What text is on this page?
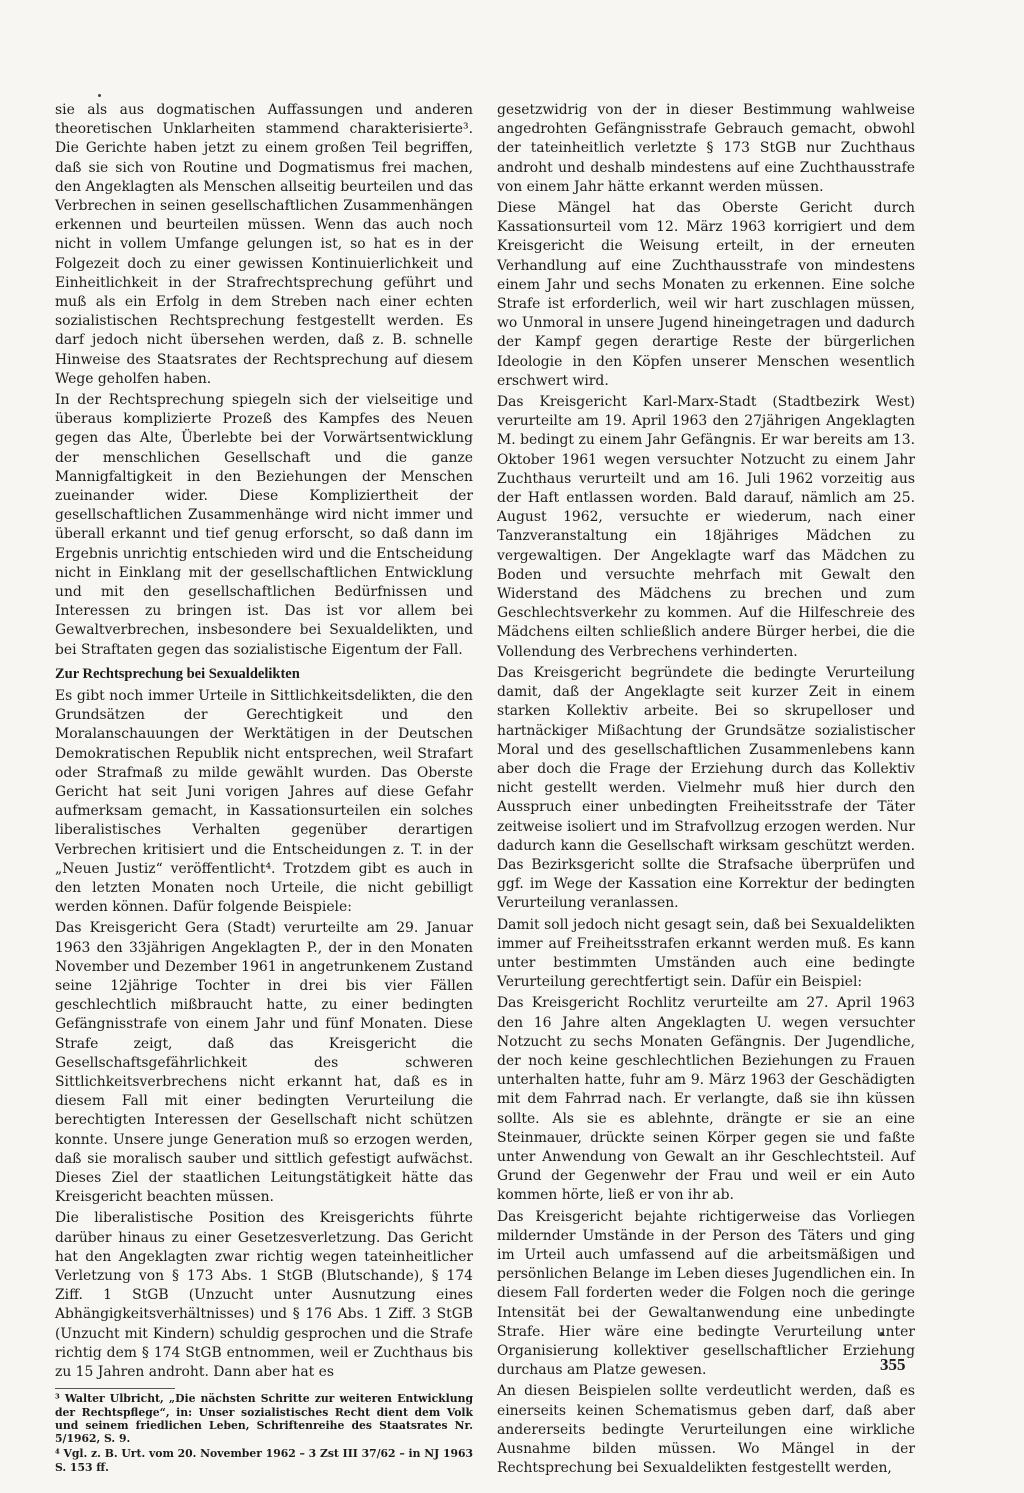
sie als aus dogmatischen Auffassungen und anderen theoretischen Unklarheiten stammend charakterisierte³. Die Gerichte haben jetzt zu einem großen Teil begriffen, daß sie sich von Routine und Dogmatismus frei machen, den Angeklagten als Menschen allseitig beurteilen und das Verbrechen in seinen gesellschaftlichen Zusammenhängen erkennen und beurteilen müssen. Wenn das auch noch nicht in vollem Umfange gelungen ist, so hat es in der Folgezeit doch zu einer gewissen Kontinuierlichkeit und Einheitlichkeit in der Strafrechtsprechung geführt und muß als ein Erfolg in dem Streben nach einer echten sozialistischen Rechtsprechung festgestellt werden. Es darf jedoch nicht übersehen werden, daß z. B. schnelle Hinweise des Staatsrates der Rechtsprechung auf diesem Wege geholfen haben.

In der Rechtsprechung spiegeln sich der vielseitige und überaus komplizierte Prozeß des Kampfes des Neuen gegen das Alte, Überlebte bei der Vorwärtsentwicklung der menschlichen Gesellschaft und die ganze Mannigfaltigkeit in den Beziehungen der Menschen zueinander wider. Diese Kompliziertheit der gesellschaftlichen Zusammenhänge wird nicht immer und überall erkannt und tief genug erforscht, so daß dann im Ergebnis unrichtig entschieden wird und die Entscheidung nicht in Einklang mit der gesellschaftlichen Entwicklung und mit den gesellschaftlichen Bedürfnissen und Interessen zu bringen ist. Das ist vor allem bei Gewaltverbrechen, insbesondere bei Sexualdelikten, und bei Straftaten gegen das sozialistische Eigentum der Fall.

Zur Rechtsprechung bei Sexualdelikten

Es gibt noch immer Urteile in Sittlichkeitsdelikten, die den Grundsätzen der Gerechtigkeit und den Moralanschauungen der Werktätigen in der Deutschen Demokratischen Republik nicht entsprechen, weil Strafart oder Strafmaß zu milde gewählt wurden. Das Oberste Gericht hat seit Juni vorigen Jahres auf diese Gefahr aufmerksam gemacht, in Kassationsurteilen ein solches liberalistisches Verhalten gegenüber derartigen Verbrechen kritisiert und die Entscheidungen z. T. in der „Neuen Justiz“ veröffentlicht⁴. Trotzdem gibt es auch in den letzten Monaten noch Urteile, die nicht gebilligt werden können. Dafür folgende Beispiele:

Das Kreisgericht Gera (Stadt) verurteilte am 29. Januar 1963 den 33jährigen Angeklagten P., der in den Monaten November und Dezember 1961 in angetrunkenem Zustand seine 12jährige Tochter in drei bis vier Fällen geschlechtlich mißbraucht hatte, zu einer bedingten Gefängnisstrafe von einem Jahr und fünf Monaten. Diese Strafe zeigt, daß das Kreisgericht die Gesellschaftsgefährlichkeit des schweren Sittlichkeitsverbrechens nicht erkannt hat, daß es in diesem Fall mit einer bedingten Verurteilung die berechtigten Interessen der Gesellschaft nicht schützen konnte. Unsere junge Generation muß so erzogen werden, daß sie moralisch sauber und sittlich gefestigt aufwächst. Dieses Ziel der staatlichen Leitungstätigkeit hätte das Kreisgericht beachten müssen.

Die liberalistische Position des Kreisgerichts führte darüber hinaus zu einer Gesetzesverletzung. Das Gericht hat den Angeklagten zwar richtig wegen tateinheitlicher Verletzung von § 173 Abs. 1 StGB (Blutschande), § 174 Ziff. 1 StGB (Unzucht unter Ausnutzung eines Abhängigkeitsverhältnisses) und § 176 Abs. 1 Ziff. 3 StGB (Unzucht mit Kindern) schuldig gesprochen und die Strafe richtig dem § 174 StGB entnommen, weil er Zuchthaus bis zu 15 Jahren androht. Dann aber hat es

³ Walter Ulbricht, „Die nächsten Schritte zur weiteren Entwicklung der Rechtspflege“, in: Unser sozialistisches Recht dient dem Volk und seinem friedlichen Leben, Schriftenreihe des Staatsrates Nr. 5/1962, S. 9.

⁴ Vgl. z. B. Urt. vom 20. November 1962 – 3 Zst III 37/62 – in NJ 1963 S. 153 ff.

gesetzwidrig von der in dieser Bestimmung wahlweise angedrohten Gefängnisstrafe Gebrauch gemacht, obwohl der tateinheitlich verletzte § 173 StGB nur Zuchthaus androht und deshalb mindestens auf eine Zuchthausstrafe von einem Jahr hätte erkannt werden müssen.

Diese Mängel hat das Oberste Gericht durch Kassationsurteil vom 12. März 1963 korrigiert und dem Kreisgericht die Weisung erteilt, in der erneuten Verhandlung auf eine Zuchthausstrafe von mindestens einem Jahr und sechs Monaten zu erkennen. Eine solche Strafe ist erforderlich, weil wir hart zuschlagen müssen, wo Unmoral in unsere Jugend hineingetragen und dadurch der Kampf gegen derartige Reste der bürgerlichen Ideologie in den Köpfen unserer Menschen wesentlich erschwert wird.

Das Kreisgericht Karl-Marx-Stadt (Stadtbezirk West) verurteilte am 19. April 1963 den 27jährigen Angeklagten M. bedingt zu einem Jahr Gefängnis. Er war bereits am 13. Oktober 1961 wegen versuchter Notzucht zu einem Jahr Zuchthaus verurteilt und am 16. Juli 1962 vorzeitig aus der Haft entlassen worden. Bald darauf, nämlich am 25. August 1962, versuchte er wiederum, nach einer Tanzveranstaltung ein 18jähriges Mädchen zu vergewaltigen. Der Angeklagte warf das Mädchen zu Boden und versuchte mehrfach mit Gewalt den Widerstand des Mädchens zu brechen und zum Geschlechtsverkehr zu kommen. Auf die Hilfeschreie des Mädchens eilten schließlich andere Bürger herbei, die die Vollendung des Verbrechens verhinderten.

Das Kreisgericht begründete die bedingte Verurteilung damit, daß der Angeklagte seit kurzer Zeit in einem starken Kollektiv arbeite. Bei so skrupelloser und hartnäckiger Mißachtung der Grundsätze sozialistischer Moral und des gesellschaftlichen Zusammenlebens kann aber doch die Frage der Erziehung durch das Kollektiv nicht gestellt werden. Vielmehr muß hier durch den Ausspruch einer unbedingten Freiheitsstrafe der Täter zeitweise isoliert und im Strafvollzug erzogen werden. Nur dadurch kann die Gesellschaft wirksam geschützt werden. Das Bezirksgericht sollte die Strafsache überprüfen und ggf. im Wege der Kassation eine Korrektur der bedingten Verurteilung veranlassen.

Damit soll jedoch nicht gesagt sein, daß bei Sexualdelikten immer auf Freiheitsstrafen erkannt werden muß. Es kann unter bestimmten Umständen auch eine bedingte Verurteilung gerechtfertigt sein. Dafür ein Beispiel:

Das Kreisgericht Rochlitz verurteilte am 27. April 1963 den 16 Jahre alten Angeklagten U. wegen versuchter Notzucht zu sechs Monaten Gefängnis. Der Jugendliche, der noch keine geschlechtlichen Beziehungen zu Frauen unterhalten hatte, fuhr am 9. März 1963 der Geschädigten mit dem Fahrrad nach. Er verlangte, daß sie ihn küssen sollte. Als sie es ablehnte, drängte er sie an eine Steinmauer, drückte seinen Körper gegen sie und faßte unter Anwendung von Gewalt an ihr Geschlechtsteil. Auf Grund der Gegenwehr der Frau und weil er ein Auto kommen hörte, ließ er von ihr ab.

Das Kreisgericht bejahte richtigerweise das Vorliegen mildernder Umstände in der Person des Täters und ging im Urteil auch umfassend auf die arbeitsmäßigen und persönlichen Belange im Leben dieses Jugendlichen ein. In diesem Fall forderten weder die Folgen noch die geringe Intensität bei der Gewaltanwendung eine unbedingte Strafe. Hier wäre eine bedingte Verurteilung unter Organisierung kollektiver gesellschaftlicher Erziehung durchaus am Platze gewesen.

An diesen Beispielen sollte verdeutlicht werden, daß es einerseits keinen Schematismus geben darf, daß aber andererseits bedingte Verurteilungen eine wirkliche Ausnahme bilden müssen. Wo Mängel in der Rechtsprechung bei Sexualdelikten festgestellt werden,

355
